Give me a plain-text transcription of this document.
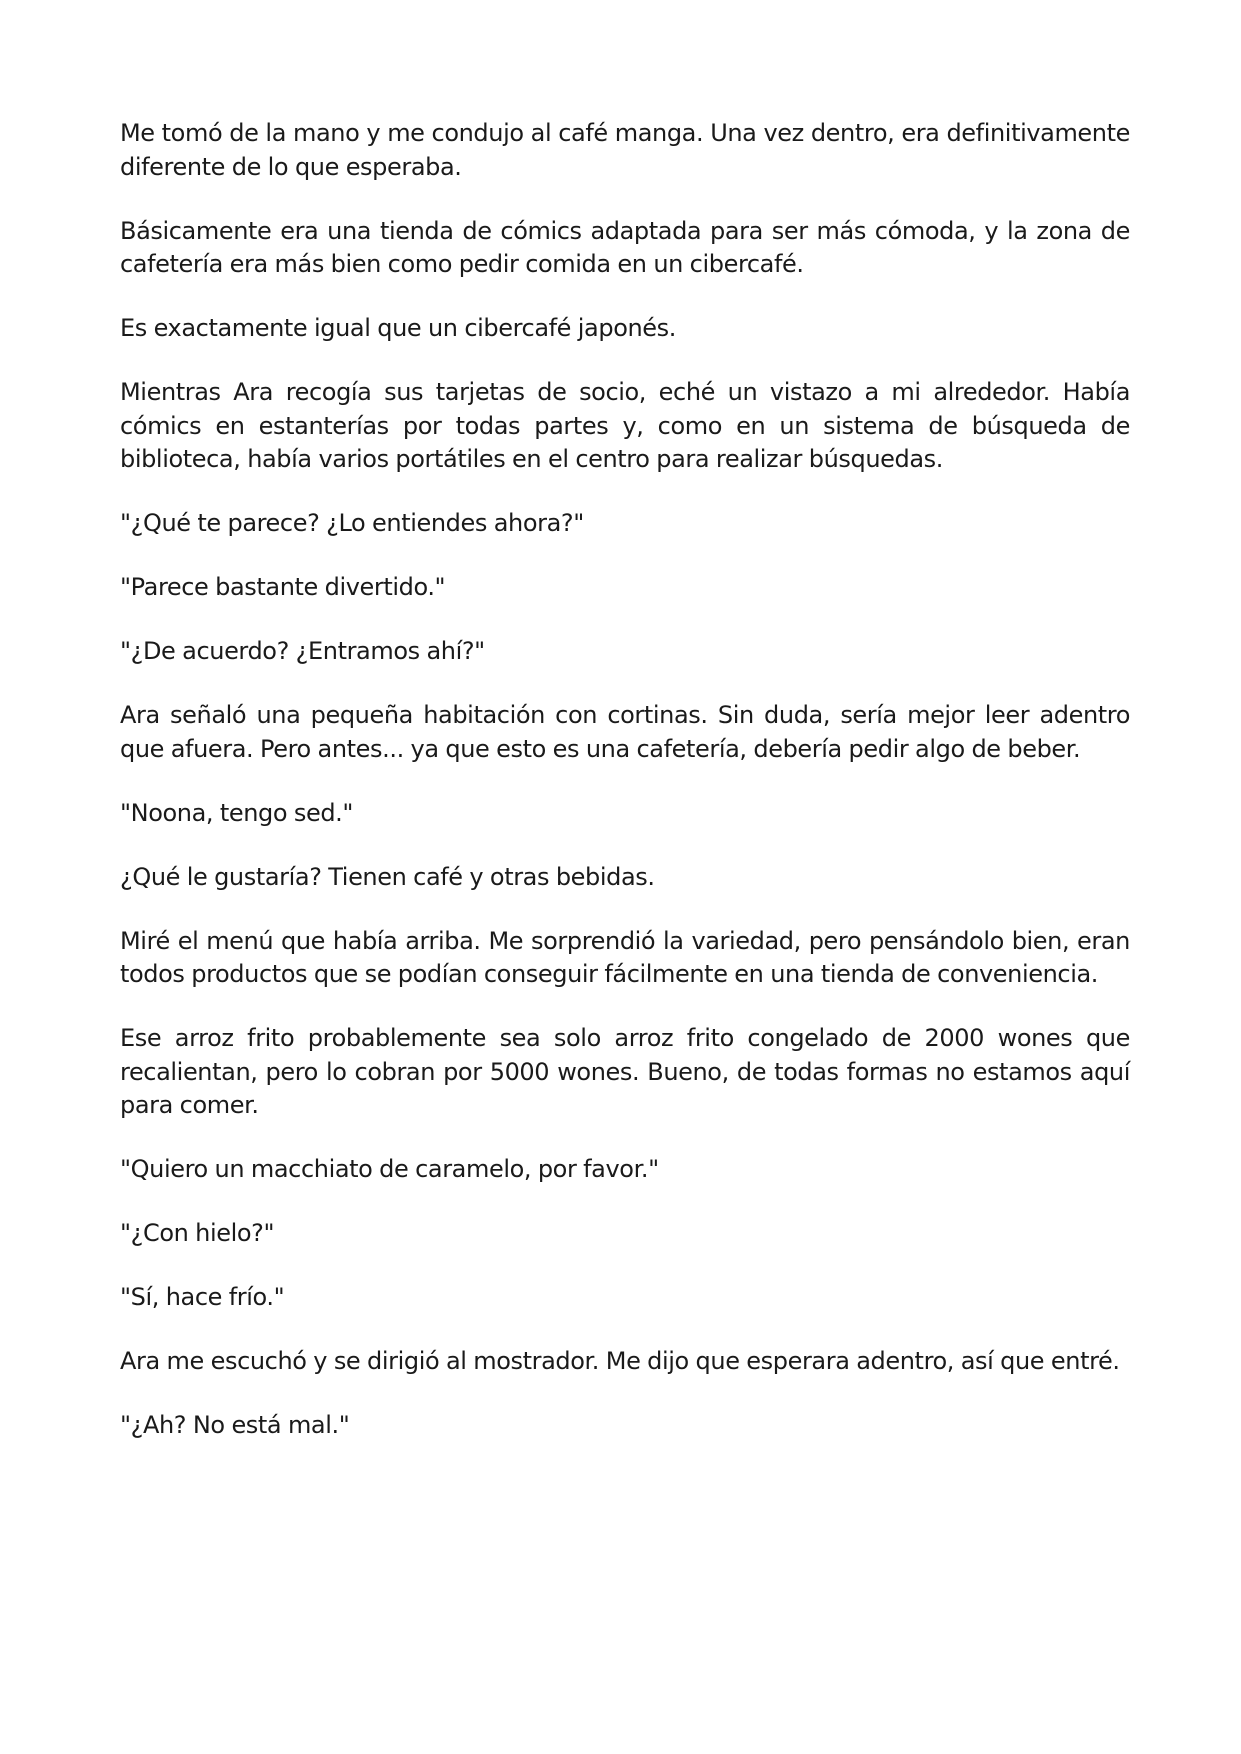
Me tomó de la mano y me condujo al café manga. Una vez dentro, era definitivamente diferente de lo que esperaba.

Básicamente era una tienda de cómics adaptada para ser más cómoda, y la zona de cafetería era más bien como pedir comida en un cibercafé.

Es exactamente igual que un cibercafé japonés.

Mientras Ara recogía sus tarjetas de socio, eché un vistazo a mi alrededor. Había cómics en estanterías por todas partes y, como en un sistema de búsqueda de biblioteca, había varios portátiles en el centro para realizar búsquedas.

"¿Qué te parece? ¿Lo entiendes ahora?"

"Parece bastante divertido."

"¿De acuerdo? ¿Entramos ahí?"

Ara señaló una pequeña habitación con cortinas. Sin duda, sería mejor leer adentro que afuera. Pero antes... ya que esto es una cafetería, debería pedir algo de beber.

"Noona, tengo sed."

¿Qué le gustaría? Tienen café y otras bebidas.

Miré el menú que había arriba. Me sorprendió la variedad, pero pensándolo bien, eran todos productos que se podían conseguir fácilmente en una tienda de conveniencia.

Ese arroz frito probablemente sea solo arroz frito congelado de 2000 wones que recalientan, pero lo cobran por 5000 wones. Bueno, de todas formas no estamos aquí para comer.

"Quiero un macchiato de caramelo, por favor."

"¿Con hielo?"

"Sí, hace frío."

Ara me escuchó y se dirigió al mostrador. Me dijo que esperara adentro, así que entré.

"¿Ah? No está mal."
